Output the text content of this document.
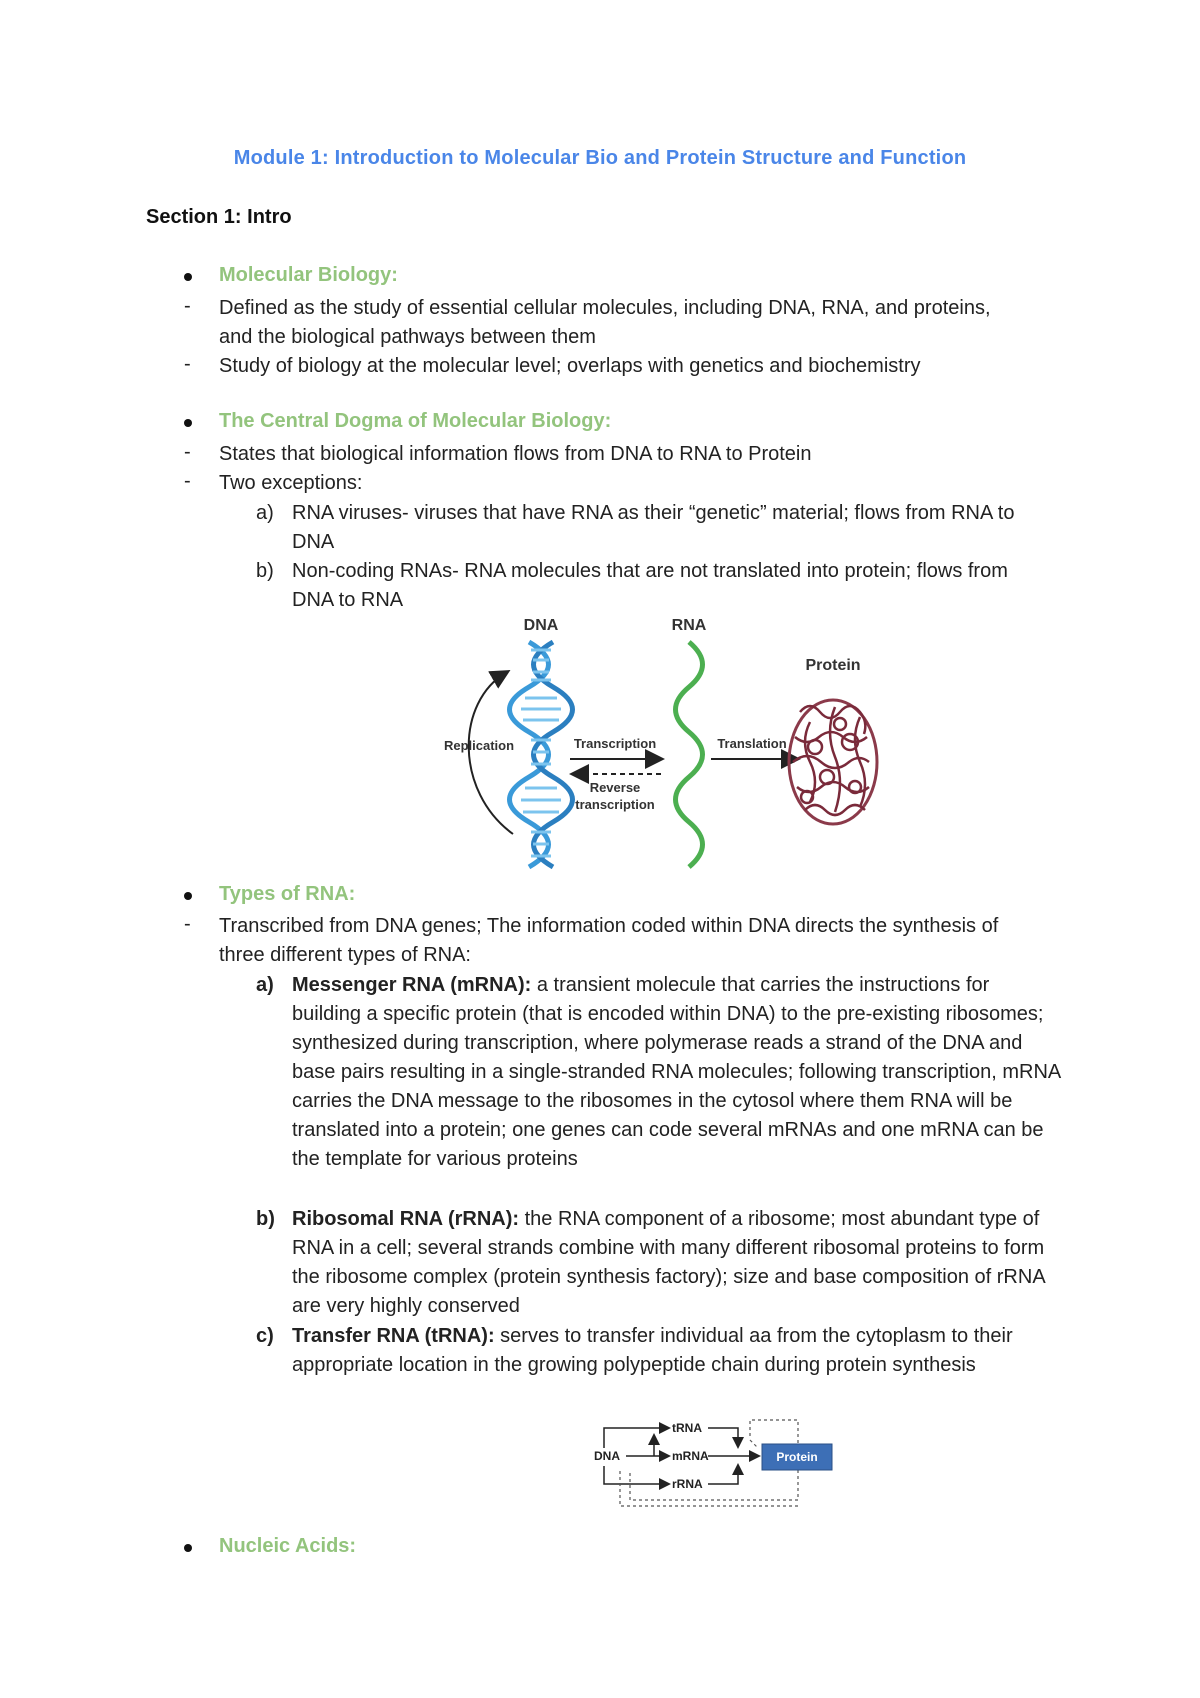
Module 1: Introduction to Molecular Bio and Protein Structure and Function
Section 1: Intro
Molecular Biology:
- Defined as the study of essential cellular molecules, including DNA, RNA, and proteins, and the biological pathways between them
- Study of biology at the molecular level; overlaps with genetics and biochemistry
The Central Dogma of Molecular Biology:
- States that biological information flows from DNA to RNA to Protein
- Two exceptions:
a) RNA viruses- viruses that have RNA as their “genetic” material; flows from RNA to DNA
b) Non-coding RNAs- RNA molecules that are not translated into protein; flows from DNA to RNA
DNA	RNA
Protein
Replication	Transcription
Reverse
transcription
Translation
Types of RNA:
- Transcribed from DNA genes; The information coded within DNA directs the synthesis of three different types of RNA:
a) Messenger RNA (mRNA): a transient molecule that carries the instructions for building a specific protein (that is encoded within DNA) to the pre-existing ribosomes; synthesized during transcription, where polymerase reads a strand of the DNA and base pairs resulting in a single-stranded RNA molecules; following transcription, mRNA carries the DNA message to the ribosomes in the cytosol where them RNA will be translated into a protein; one genes can code several mRNAs and one mRNA can be the template for various proteins
b) Ribosomal RNA (rRNA): the RNA component of a ribosome; most abundant type of RNA in a cell; several strands combine with many different ribosomal proteins to form the ribosome complex (protein synthesis factory); size and base composition of rRNA are very highly conserved
c) Transfer RNA (tRNA): serves to transfer individual aa from the cytoplasm to their appropriate location in the growing polypeptide chain during protein synthesis
DNA
tRNA
mRNA
rRNA
Protein
Nucleic Acids:
